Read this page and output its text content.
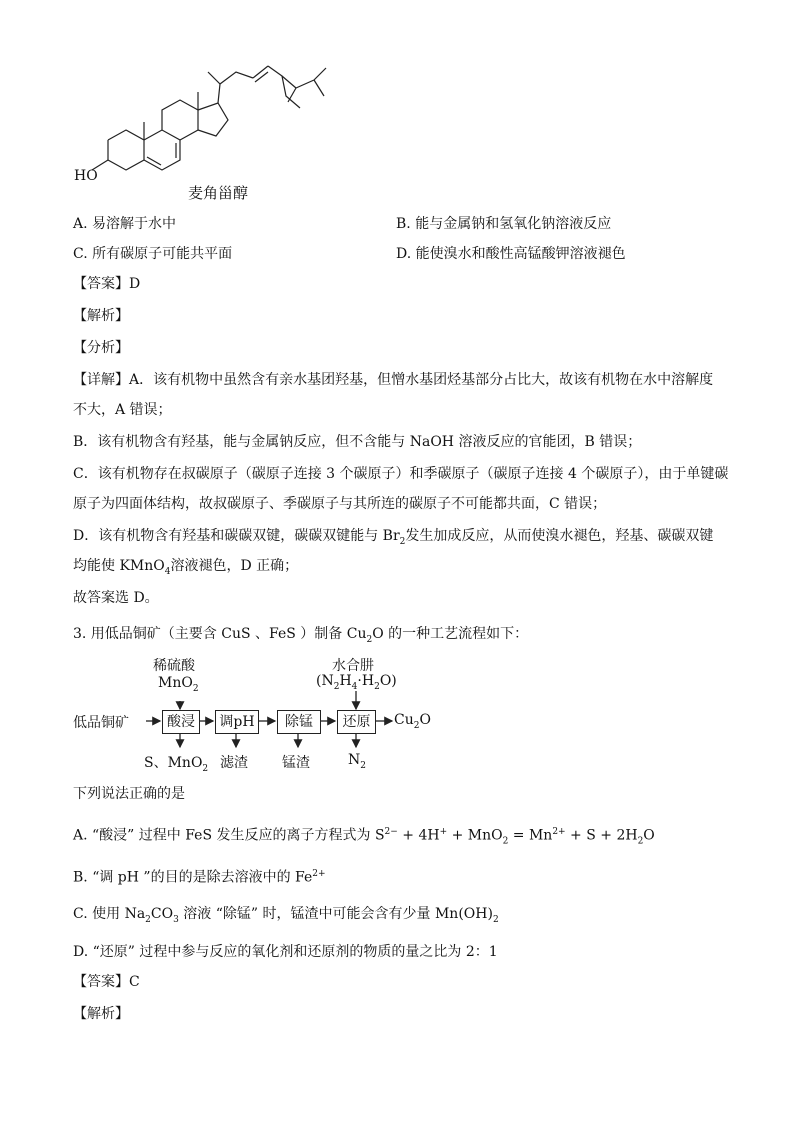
HO
麦角甾醇
A. 易溶解于水中	B. 能与金属钠和氢氧化钠溶液反应
C. 所有碳原子可能共平面	D. 能使溴水和酸性高锰酸钾溶液褪色
【答案】D
【解析】
【分析】
【详解】A．该有机物中虽然含有亲水基团羟基，但憎水基团烃基部分占比大，故该有机物在水中溶解度
不大，A 错误；
B．该有机物含有羟基，能与金属钠反应，但不含能与 NaOH 溶液反应的官能团，B 错误；
C．该有机物存在叔碳原子（碳原子连接 3 个碳原子）和季碳原子（碳原子连接 4 个碳原子），由于单键碳
原子为四面体结构，故叔碳原子、季碳原子与其所连的碳原子不可能都共面，C 错误；
D．该有机物含有羟基和碳碳双键，碳碳双键能与 $Br_2$发生加成反应，从而使溴水褪色，羟基、碳碳双键
均能使 KMnO$_4$溶液褪色，D 正确；
故答案选 D。
3. 用低品铜矿（主要含 CuS 、FeS ）制备 $Cu_2O$ 的一种工艺流程如下：
稀硫酸
MnO$_2$
水合肼
$(N_2H_4\cdot H_2O)$
低品铜矿	酸浸	调pH	除锰	还原	$Cu_2O$
S、MnO$_2$ 滤渣 锰渣	$N_2$
下列说法正确的是
A. “酸浸” 过程中 FeS 发生反应的离子方程式为 $S^{2-} + 4H^+ + MnO_2 = Mn^{2+} + S + 2H_2O$
B. “调 pH ”的目的是除去溶液中的 $Fe^{2+}$
C. 使用 $Na_2CO_3$ 溶液 “除锰” 时，锰渣中可能会含有少量 $Mn(OH)_2$
D. “还原” 过程中参与反应的氧化剂和还原剂的物质的量之比为 2：1
【答案】C
【解析】
